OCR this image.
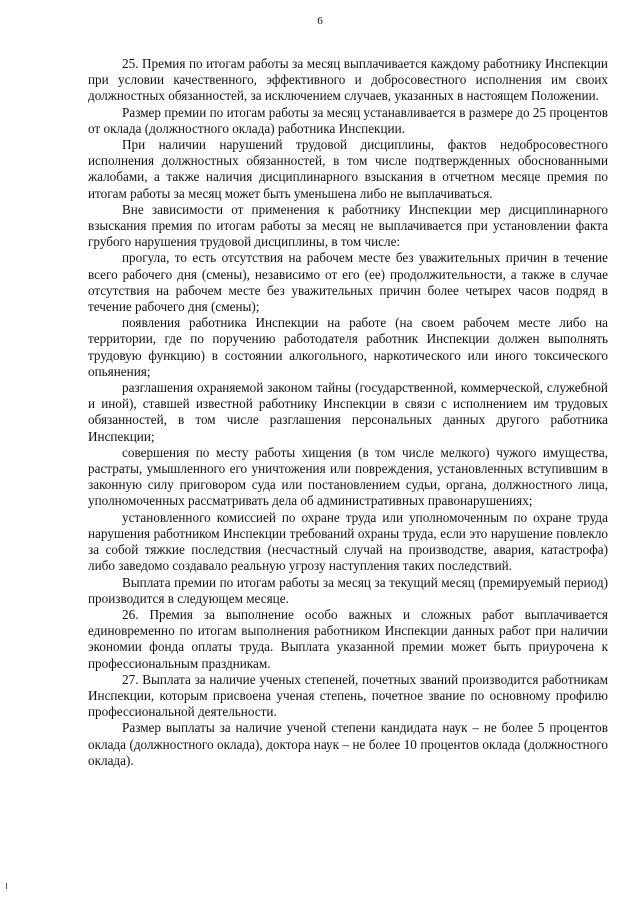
6

25. Премия по итогам работы за месяц выплачивается каждому работнику Инспекции при условии качественного, эффективного и добросовестного исполнения им своих должностных обязанностей, за исключением случаев, указанных в настоящем Положении.

Размер премии по итогам работы за месяц устанавливается в размере до 25 процентов от оклада (должностного оклада) работника Инспекции.

При наличии нарушений трудовой дисциплины, фактов недобросовестного исполнения должностных обязанностей, в том числе подтвержденных обоснованными жалобами, а также наличия дисциплинарного взыскания в отчетном месяце премия по итогам работы за месяц может быть уменьшена либо не выплачиваться.

Вне зависимости от применения к работнику Инспекции мер дисциплинарного взыскания премия по итогам работы за месяц не выплачивается при установлении факта грубого нарушения трудовой дисциплины, в том числе:

прогула, то есть отсутствия на рабочем месте без уважительных причин в течение всего рабочего дня (смены), независимо от его (ее) продолжительности, а также в случае отсутствия на рабочем месте без уважительных причин более четырех часов подряд в течение рабочего дня (смены);

появления работника Инспекции на работе (на своем рабочем месте либо на территории, где по поручению работодателя работник Инспекции должен выполнять трудовую функцию) в состоянии алкогольного, наркотического или иного токсического опьянения;

разглашения охраняемой законом тайны (государственной, коммерческой, служебной и иной), ставшей известной работнику Инспекции в связи с исполнением им трудовых обязанностей, в том числе разглашения персональных данных другого работника Инспекции;

совершения по месту работы хищения (в том числе мелкого) чужого имущества, растраты, умышленного его уничтожения или повреждения, установленных вступившим в законную силу приговором суда или постановлением судьи, органа, должностного лица, уполномоченных рассматривать дела об административных правонарушениях;

установленного комиссией по охране труда или уполномоченным по охране труда нарушения работником Инспекции требований охраны труда, если это нарушение повлекло за собой тяжкие последствия (несчастный случай на производстве, авария, катастрофа) либо заведомо создавало реальную угрозу наступления таких последствий.

Выплата премии по итогам работы за месяц за текущий месяц (премируемый период) производится в следующем месяце.

26. Премия за выполнение особо важных и сложных работ выплачивается единовременно по итогам выполнения работником Инспекции данных работ при наличии экономии фонда оплаты труда. Выплата указанной премии может быть приурочена к профессиональным праздникам.

27. Выплата за наличие ученых степеней, почетных званий производится работникам Инспекции, которым присвоена ученая степень, почетное звание по основному профилю профессиональной деятельности.

Размер выплаты за наличие ученой степени кандидата наук – не более 5 процентов оклада (должностного оклада), доктора наук – не более 10 процентов оклада (должностного оклада).
